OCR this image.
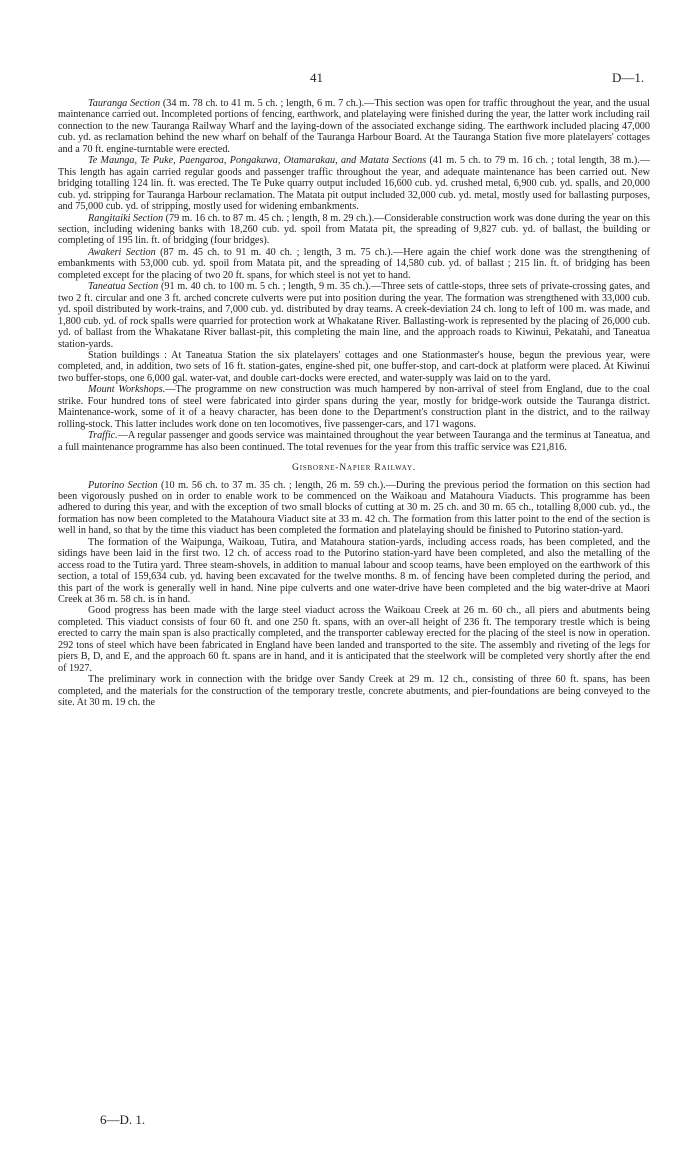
41	D—1.

Tauranga Section (34 m. 78 ch. to 41 m. 5 ch. ; length, 6 m. 7 ch.).—This section was open for traffic throughout the year, and the usual maintenance carried out. Incompleted portions of fencing, earthwork, and platelaying were finished during the year, the latter work including rail connection to the new Tauranga Railway Wharf and the laying-down of the associated exchange siding. The earthwork included placing 47,000 cub. yd. as reclamation behind the new wharf on behalf of the Tauranga Harbour Board. At the Tauranga Station five more platelayers' cottages and a 70 ft. engine-turntable were erected.

Te Maunga, Te Puke, Paengaroa, Pongakawa, Otamarakau, and Matata Sections (41 m. 5 ch. to 79 m. 16 ch. ; total length, 38 m.).—This length has again carried regular goods and passenger traffic throughout the year, and adequate maintenance has been carried out. New bridging totalling 124 lin. ft. was erected. The Te Puke quarry output included 16,600 cub. yd. crushed metal, 6,900 cub. yd. spalls, and 20,000 cub. yd. stripping for Tauranga Harbour reclamation. The Matata pit output included 32,000 cub. yd. metal, mostly used for ballasting purposes, and 75,000 cub. yd. of stripping, mostly used for widening embankments.

Rangitaiki Section (79 m. 16 ch. to 87 m. 45 ch. ; length, 8 m. 29 ch.).—Considerable construction work was done during the year on this section, including widening banks with 18,260 cub. yd. spoil from Matata pit, the spreading of 9,827 cub. yd. of ballast, the building or completing of 195 lin. ft. of bridging (four bridges).

Awakeri Section (87 m. 45 ch. to 91 m. 40 ch. ; length, 3 m. 75 ch.).—Here again the chief work done was the strengthening of embankments with 53,000 cub. yd. spoil from Matata pit, and the spreading of 14,580 cub. yd. of ballast ; 215 lin. ft. of bridging has been completed except for the placing of two 20 ft. spans, for which steel is not yet to hand.

Taneatua Section (91 m. 40 ch. to 100 m. 5 ch. ; length, 9 m. 35 ch.).—Three sets of cattle-stops, three sets of private-crossing gates, and two 2 ft. circular and one 3 ft. arched concrete culverts were put into position during the year. The formation was strengthened with 33,000 cub. yd. spoil distributed by work-trains, and 7,000 cub. yd. distributed by dray teams. A creek-deviation 24 ch. long to left of 100 m. was made, and 1,800 cub. yd. of rock spalls were quarried for protection work at Whakatane River. Ballasting-work is represented by the placing of 26,000 cub. yd. of ballast from the Whakatane River ballast-pit, this completing the main line, and the approach roads to Kiwinui, Pekatahi, and Taneatua station-yards.

Station buildings : At Taneatua Station the six platelayers' cottages and one Stationmaster's house, begun the previous year, were completed, and, in addition, two sets of 16 ft. station-gates, engine-shed pit, one buffer-stop, and cart-dock at platform were placed. At Kiwinui two buffer-stops, one 6,000 gal. water-vat, and double cart-docks were erected, and water-supply was laid on to the yard.

Mount Workshops.—The programme on new construction was much hampered by non-arrival of steel from England, due to the coal strike. Four hundred tons of steel were fabricated into girder spans during the year, mostly for bridge-work outside the Tauranga district. Maintenance-work, some of it of a heavy character, has been done to the Department's construction plant in the district, and to the railway rolling-stock. This latter includes work done on ten locomotives, five passenger-cars, and 171 wagons.

Traffic.—A regular passenger and goods service was maintained throughout the year between Tauranga and the terminus at Taneatua, and a full maintenance programme has also been continued. The total revenues for the year from this traffic service was £21,816.

Gisborne-Napier Railway.

Putorino Section (10 m. 56 ch. to 37 m. 35 ch. ; length, 26 m. 59 ch.).—During the previous period the formation on this section had been vigorously pushed on in order to enable work to be commenced on the Waikoau and Matahoura Viaducts. This programme has been adhered to during this year, and with the exception of two small blocks of cutting at 30 m. 25 ch. and 30 m. 65 ch., totalling 8,000 cub. yd., the formation has now been completed to the Matahoura Viaduct site at 33 m. 42 ch. The formation from this latter point to the end of the section is well in hand, so that by the time this viaduct has been completed the formation and platelaying should be finished to Putorino station-yard.

The formation of the Waipunga, Waikoau, Tutira, and Matahoura station-yards, including access roads, has been completed, and the sidings have been laid in the first two. 12 ch. of access road to the Putorino station-yard have been completed, and also the metalling of the access road to the Tutira yard. Three steam-shovels, in addition to manual labour and scoop teams, have been employed on the earthwork of this section, a total of 159,634 cub. yd. having been excavated for the twelve months. 8 m. of fencing have been completed during the period, and this part of the work is generally well in hand. Nine pipe culverts and one water-drive have been completed and the big water-drive at Maori Creek at 36 m. 58 ch. is in hand.

Good progress has been made with the large steel viaduct across the Waikoau Creek at 26 m. 60 ch., all piers and abutments being completed. This viaduct consists of four 60 ft. and one 250 ft. spans, with an over-all height of 236 ft. The temporary trestle which is being erected to carry the main span is also practically completed, and the transporter cableway erected for the placing of the steel is now in operation. 292 tons of steel which have been fabricated in England have been landed and transported to the site. The assembly and riveting of the legs for piers B, D, and E, and the approach 60 ft. spans are in hand, and it is anticipated that the steelwork will be completed very shortly after the end of 1927.

The preliminary work in connection with the bridge over Sandy Creek at 29 m. 12 ch., consisting of three 60 ft. spans, has been completed, and the materials for the construction of the temporary trestle, concrete abutments, and pier-foundations are being conveyed to the site. At 30 m. 19 ch. the

6—D. 1.
